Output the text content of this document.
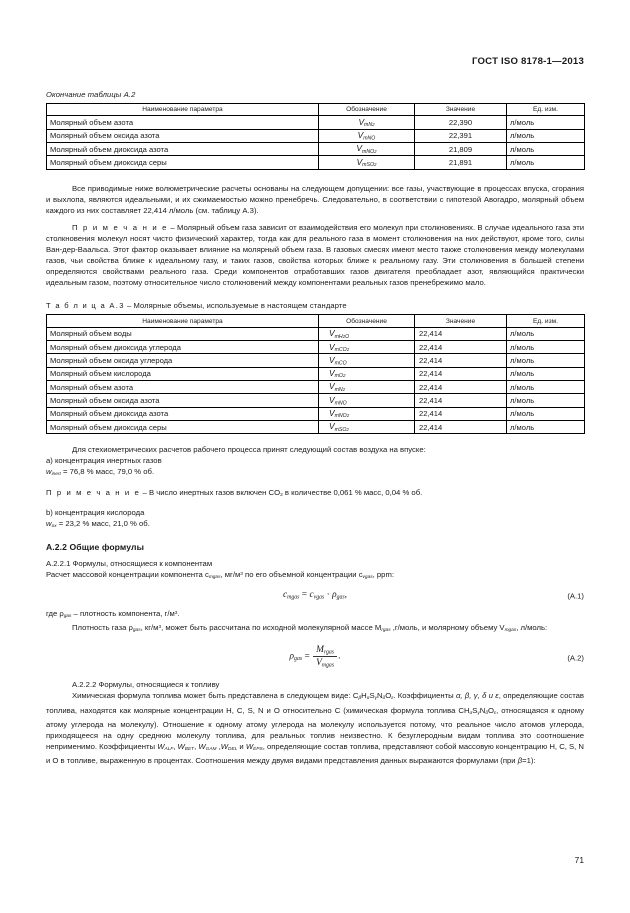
ГОСТ ISO 8178-1—2013
Окончание таблицы А.2
Наименование параметра	Обозначение	Значение	Ед. изм.
Молярный объем азота	$V_{mN2}$	22,390	л/моль
Молярный объем оксида азота	$V_{mNO}$	22,391	л/моль
Молярный объем диоксида азота	$V_{mNO2}$	21,809	л/моль
Молярный объем диоксида серы	$V_{mSO2}$	21,891	л/моль

Все приводимые ниже волюметрические расчеты основаны на следующем допущении: все газы, участвующие в процессах впуска, сгорания и выхлопа, являются идеальными, и их сжимаемостью можно пренебречь. Следовательно, в соответствии с гипотезой Авогадро, молярный объем каждого из них составляет 22,414 л/моль (см. таблицу А.3).

П р и м е ч а н и е – Молярный объем газа зависит от взаимодействия его молекул при столкновениях. В случае идеального газа эти столкновения молекул носят чисто физический характер, тогда как для реального газа в момент столкновения на них действуют, кроме того, силы Ван-дер-Ваальса. Этот фактор оказывает влияние на молярный объем газа. В газовых смесях имеют место также столкновения между молекулами газов, чьи свойства ближе к идеальному газу, и таких газов, свойства которых ближе к реальному газу. Эти столкновения в большей степени определяются свойствами реального газа. Среди компонентов отработавших газов двигателя преобладает азот, являющийся практически идеальным газом, поэтому относительное число столкновений между компонентами реальных газов пренебрежимо мало.

Т а б л и ц а А.3 – Молярные объемы, используемые в настоящем стандарте
Наименование параметра	Обозначение	Значение	Ед. изм.
Молярный объем воды	$V_{mH2O}$	22,414	л/моль
Молярный объем диоксида углерода	$V_{mCO2}$	22,414	л/моль
Молярный объем оксида углерода	$V_{mCO}$	22,414	л/моль
Молярный объем кислорода	$V_{mO2}$	22,414	л/моль
Молярный объем азота	$V_{mN2}$	22,414	л/моль
Молярный объем оксида азота	$V_{mNO}$	22,414	л/моль
Молярный объем диоксида азота	$V_{mNO2}$	22,414	л/моль
Молярный объем диоксида серы	$V_{mSO2}$	22,414	л/моль

Для стехиометрических расчетов рабочего процесса принят следующий состав воздуха на впуске:

a) концентрация инертных газов

$w_{inert} = 76,8$ % масс, 79,0 % об.

П р и м е ч а н и е – В число инертных газов включен $CO_2$ в количестве 0,061 % масс, 0,04 % об.

b) концентрация кислорода

$w_{ox} = 23,2$ % масс, 21,0 % об.

A.2.2 Общие формулы

A.2.2.1 Формулы, относящиеся к компонентам

Расчет массовой концентрации компонента $c_{mgas}$, $мг/м^3$ по его объемной концентрации $c_{vgas}$, ppm:

$c_{mgas} = c_{vgas} \cdot \rho_{gas}$,	(A.1)

где $\rho_{gas}$ – плотность компонента, $г/м^3$.

Плотность газа $\rho_{gas}$, $кг/м^3$, может быть рассчитана по исходной молекулярной массе $M_{rgas}$ ,г/моль, и молярному объему $V_{mgas}$, л/моль:

$\rho_{gas} = \frac{M_{rgas}}{V_{mgas}}$ .	(A.2)

A.2.2.2 Формулы, относящиеся к топливу

Химическая формула топлива может быть представлена в следующем виде: $C_\beta H_\alpha S_\gamma N_\delta O_\varepsilon$. Коэффициенты α, β, γ, δ и ε, определяющие состав топлива, находятся как молярные концентрации H, C, S, N и O относительно C (химическая формула топлива $CH_\alpha S_\gamma N_\delta O_\varepsilon$, относящаяся к одному атому углерода на молекулу). Отношение к одному атому углерода на молекулу используется потому, что реальное число атомов углерода, приходящееся на одну среднюю молекулу топлива, для реальных топлив неизвестно. К безуглеродным видам топлива это соотношение неприменимо. Коэффициенты $W_{ALF}$, $W_{BET}$, $W_{GAM}$ $,W_{DEL}$ и $W_{EPS}$, определяющие состав топлива, представляют собой массовую концентрацию H, C, S, N и O в топливе, выраженную в процентах. Соотношения между двумя видами представления данных выражаются формулами (при β=1):

71
